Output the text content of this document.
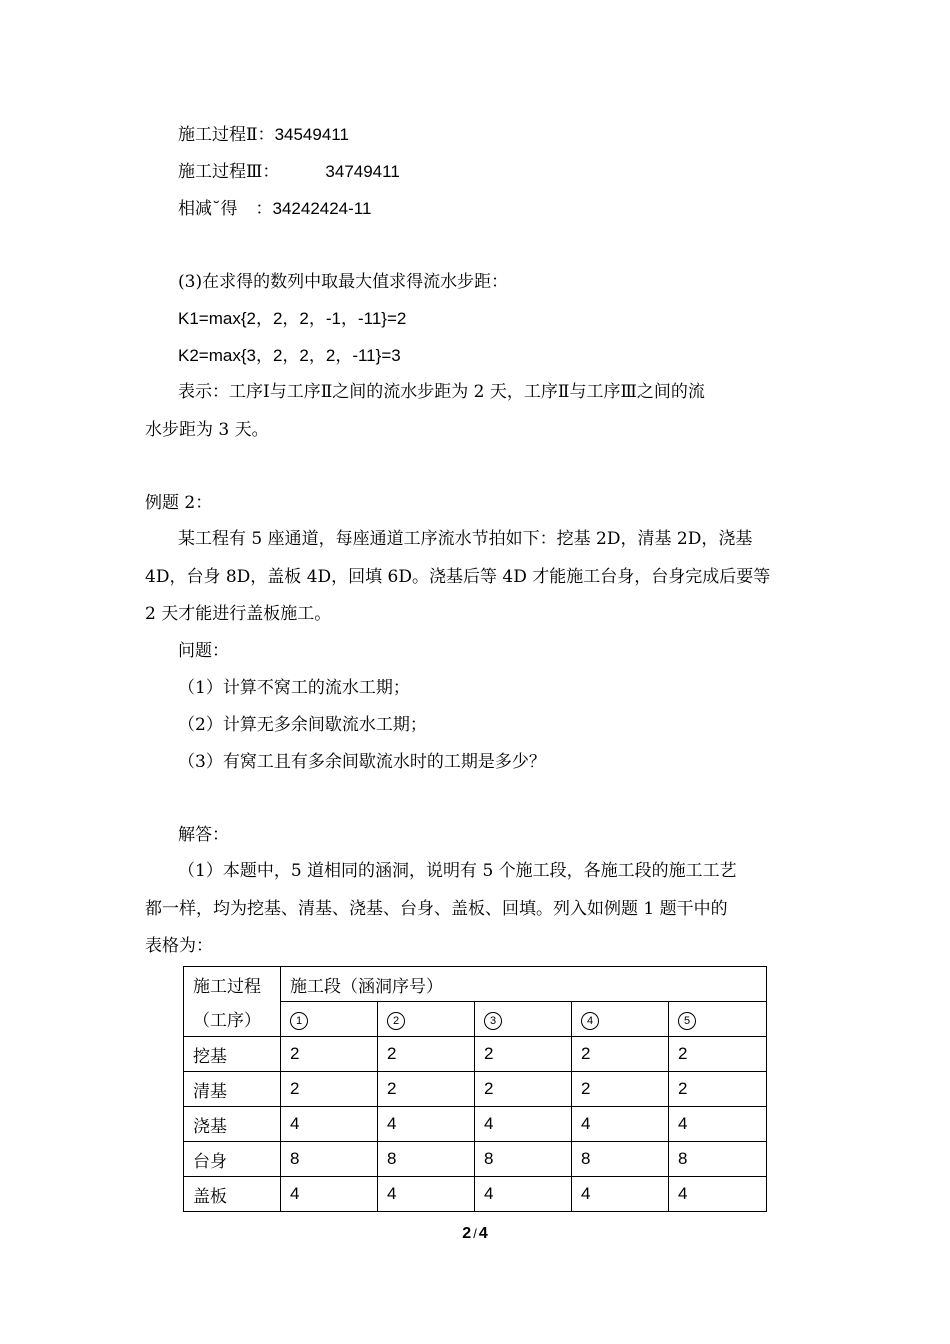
施工过程Ⅱ：34549411
施工过程Ⅲ：	34749411
相减˘得 ：34242424-11
(3)在求得的数列中取最大值求得流水步距：
K1=max{2，2，2，-1，-11}=2
K2=max{3，2，2，2，-11}=3
表示：工序Ⅰ与工序Ⅱ之间的流水步距为 2 天，工序Ⅱ与工序Ⅲ之间的流
水步距为 3 天。
例题 2：
某工程有 5 座通道，每座通道工序流水节拍如下：挖基 2D，清基 2D，浇基
4D，台身 8D，盖板 4D，回填 6D。浇基后等 4D 才能施工台身，台身完成后要等
2 天才能进行盖板施工。
问题：
（1）计算不窝工的流水工期；
（2）计算无多余间歇流水工期；
（3）有窝工且有多余间歇流水时的工期是多少？
解答：
（1）本题中，5 道相同的涵洞，说明有 5 个施工段，各施工段的施工工艺
都一样，均为挖基、清基、浇基、台身、盖板、回填。列入如例题 1 题干中的
表格为：
施工过程	施工段（涵洞序号）				
（工序）	1	2	3	4	5
挖基	2	2	2	2	2
清基	2	2	2	2	2
浇基	4	4	4	4	4
台身	8	8	8	8	8
盖板	4	4	4	4	4
2 / 4
